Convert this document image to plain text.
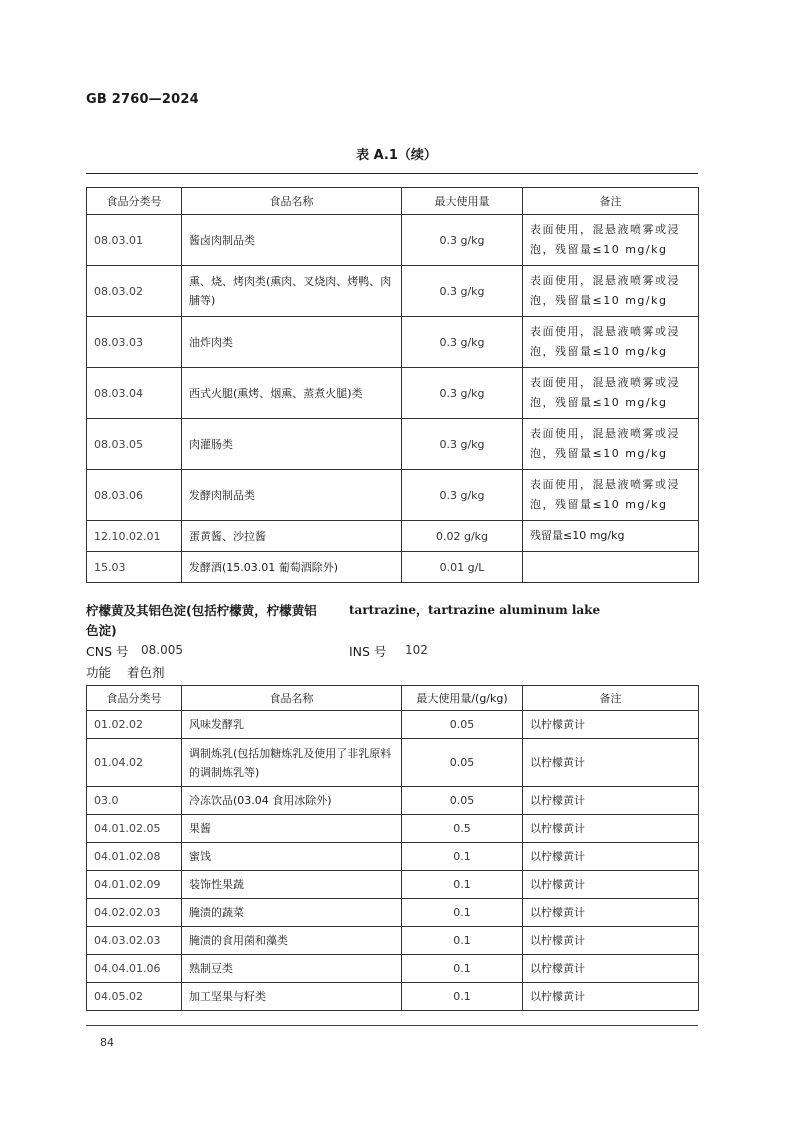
GB 2760—2024
表 A.1（续）
食品分类号	食品名称	最大使用量	备注
08.03.01	酱卤肉制品类	0.3 g/kg	表面使用，混悬液喷雾或浸泡，残留量≤10 mg/kg
08.03.02	熏、烧、烤肉类(熏肉、叉烧肉、烤鸭、肉脯等)	0.3 g/kg	表面使用，混悬液喷雾或浸泡，残留量≤10 mg/kg
08.03.03	油炸肉类	0.3 g/kg	表面使用，混悬液喷雾或浸泡，残留量≤10 mg/kg
08.03.04	西式火腿(熏烤、烟熏、蒸煮火腿)类	0.3 g/kg	表面使用，混悬液喷雾或浸泡，残留量≤10 mg/kg
08.03.05	肉灌肠类	0.3 g/kg	表面使用，混悬液喷雾或浸泡，残留量≤10 mg/kg
08.03.06	发酵肉制品类	0.3 g/kg	表面使用，混悬液喷雾或浸泡，残留量≤10 mg/kg
12.10.02.01	蛋黄酱、沙拉酱	0.02 g/kg	残留量≤10 mg/kg
15.03	发酵酒(15.03.01 葡萄酒除外)	0.01 g/L	
柠檬黄及其铝色淀(包括柠檬黄，柠檬黄铝	tartrazine，tartrazine aluminum lake
色淀)
CNS 号 08.005	INS 号 102
功能 着色剂
食品分类号	食品名称	最大使用量/(g/kg)	备注
01.02.02	风味发酵乳	0.05	以柠檬黄计
01.04.02	调制炼乳(包括加糖炼乳及使用了非乳原料的调制炼乳等)	0.05	以柠檬黄计
03.0	冷冻饮品(03.04 食用冰除外)	0.05	以柠檬黄计
04.01.02.05	果酱	0.5	以柠檬黄计
04.01.02.08	蜜饯	0.1	以柠檬黄计
04.01.02.09	装饰性果蔬	0.1	以柠檬黄计
04.02.02.03	腌渍的蔬菜	0.1	以柠檬黄计
04.03.02.03	腌渍的食用菌和藻类	0.1	以柠檬黄计
04.04.01.06	熟制豆类	0.1	以柠檬黄计
04.05.02	加工坚果与籽类	0.1	以柠檬黄计
84
